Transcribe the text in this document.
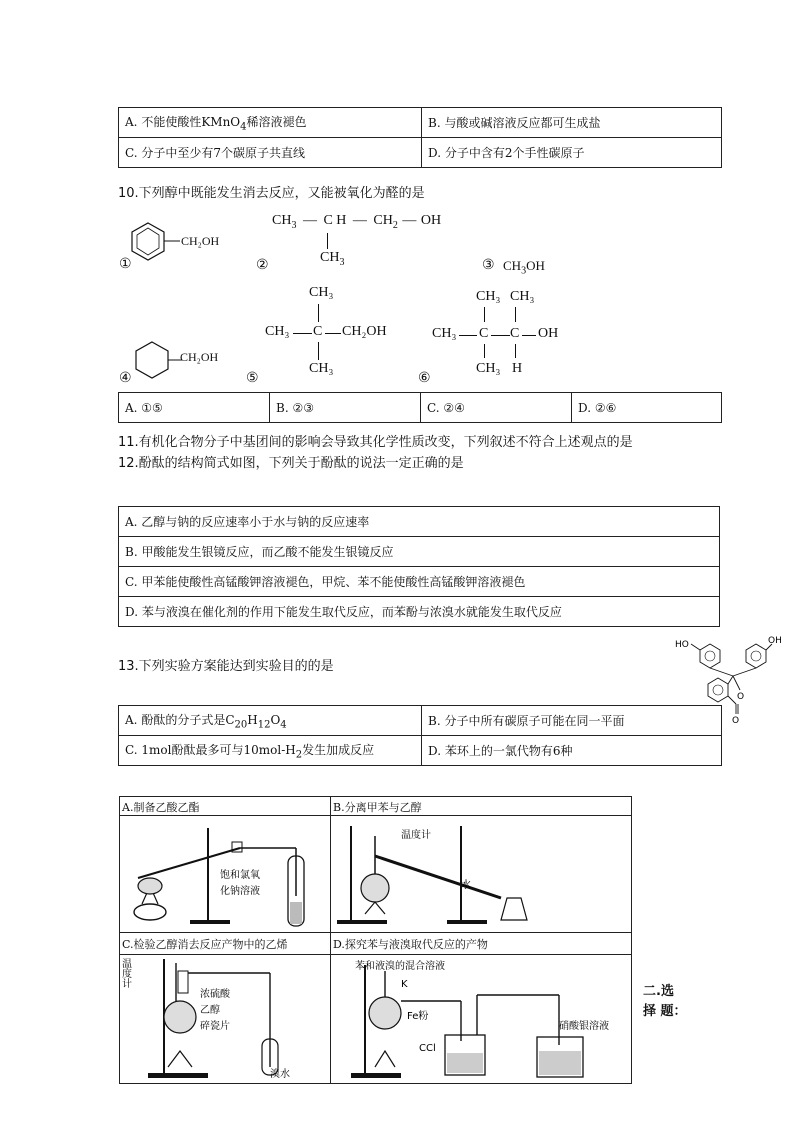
A. 不能使酸性KMnO$_4$稀溶液褪色	B. 与酸或碱溶液反应都可生成盐
C. 分子中至少有7个碳原子共直线	D. 分子中含有2个手性碳原子
10.下列醇中既能发生消去反应，又能被氧化为醛的是
CH₂OH
①
$CH_3$ — C H — $CH_2$ — OH
$CH_3$
②	③ $CH_3OH$
CH₂OH
④
CH₃
CH₃ C CH₂OH
CH₃
⑤
CH₃ CH₃
CH₃ C C OH
CH₃ H
⑥
A. ①⑤	B. ②③	C. ②④	D. ②⑥
11.有机化合物分子中基团间的影响会导致其化学性质改变，下列叙述不符合上述观点的是
12.酚酞的结构简式如图，下列关于酚酞的说法一定正确的是
A. 乙醇与钠的反应速率小于水与钠的反应速率
B. 甲酸能发生银镜反应，而乙酸不能发生银镜反应
C. 甲苯能使酸性高锰酸钾溶液褪色，甲烷、苯不能使酸性高锰酸钾溶液褪色
D. 苯与液溴在催化剂的作用下能发生取代反应，而苯酚与浓溴水就能发生取代反应
HO	OH
O
O
13.下列实验方案能达到实验目的的是
A. 酚酞的分子式是$C_{20}H_{12}O_4$	B. 分子中所有碳原子可能在同一平面
C. 1mol酚酞最多可与$10mol-H_2$发生加成反应	D. 苯环上的一氯代物有6种
A.制备乙酸乙酯
饱和氯氧
化钠溶液
B.分离甲苯与乙醇
温度计
水
C.检验乙醇消去反应产物中的乙烯
温
度
计
浓硫酸
乙醇
碎瓷片
溴水
D.探究苯与液溴取代反应的产物
苯和液溴的混合溶液
K
Fe粉
CCl
硝酸银溶液
二.选
择 题：
